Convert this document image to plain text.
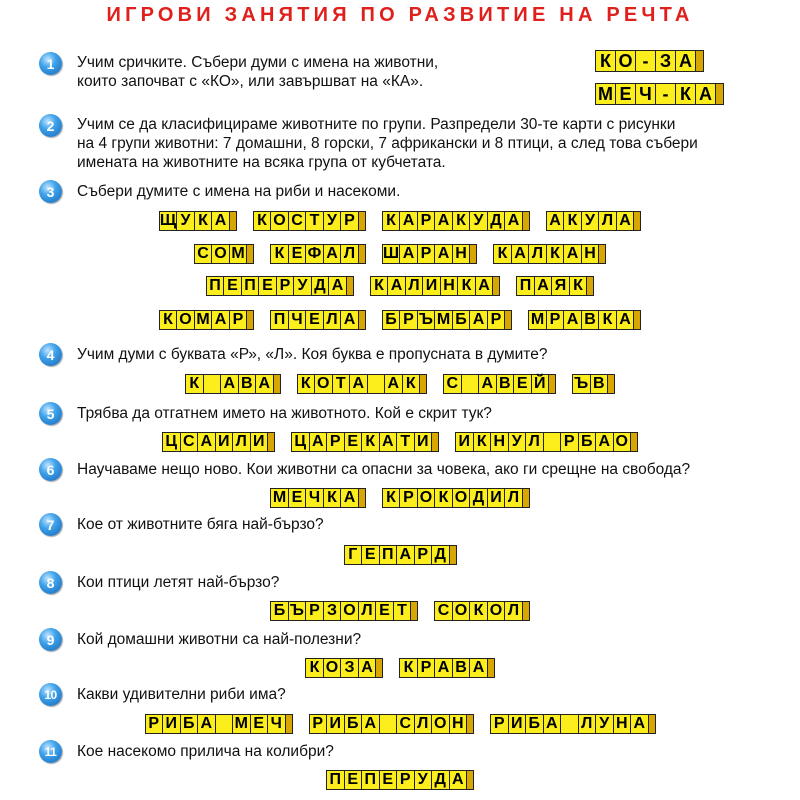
ИГРОВИ ЗАНЯТИЯ ПО РАЗВИТИЕ НА РЕЧТА
1	Учим сричките. Събери думи с имена на животни,
които започват с «КО», или завършват на «КА».
К О - З А
М Е Ч - К А
2	Учим се да класифицираме животните по групи. Разпредели 30-те карти с рисунки
на 4 групи животни: 7 домашни, 8 горски, 7 африкански и 8 птици, а след това събери
имената на животните на всяка група от кубчетата.
3	Събери думите с имена на риби и насекоми.
Щ У К А К О С Т У Р К А Р А К У Д А А К У Л А
С О М К Е Ф А Л Ш А Р А Н К А Л К А Н
П Е П Е Р У Д А К А Л И Н К А П А Я К
К О М А Р П Ч Е Л А Б Р Ъ М Б А Р М Р А В К А
4	Учим думи с буквата «Р», «Л». Коя буква е пропусната в думите?
К
А В А К О Т А
А К С
А В Е Й Ъ В
5	Трябва да отгатнем името на животното. Кой е скрит тук?
Ц С А И Л И Ц А Р Е К А Т И И К Н У Л
Р Б А О
6	Научаваме нещо ново. Кои животни са опасни за човека, ако ги срещне на свобода?
М Е Ч К А К Р О К О Д И Л
7	Кое от животните бяга най-бързо?
Г Е П А Р Д
8	Кои птици летят най-бързо?
Б Ъ Р З О Л Е Т С О К О Л
9	Кой домашни животни са най-полезни?
К О З А К Р А В А
10	Какви удивителни риби има?
Р И Б А
М Е Ч Р И Б А
С Л О Н Р И Б А
Л У Н А
11	Кое насекомо прилича на колибри?
П Е П Е Р У Д А
